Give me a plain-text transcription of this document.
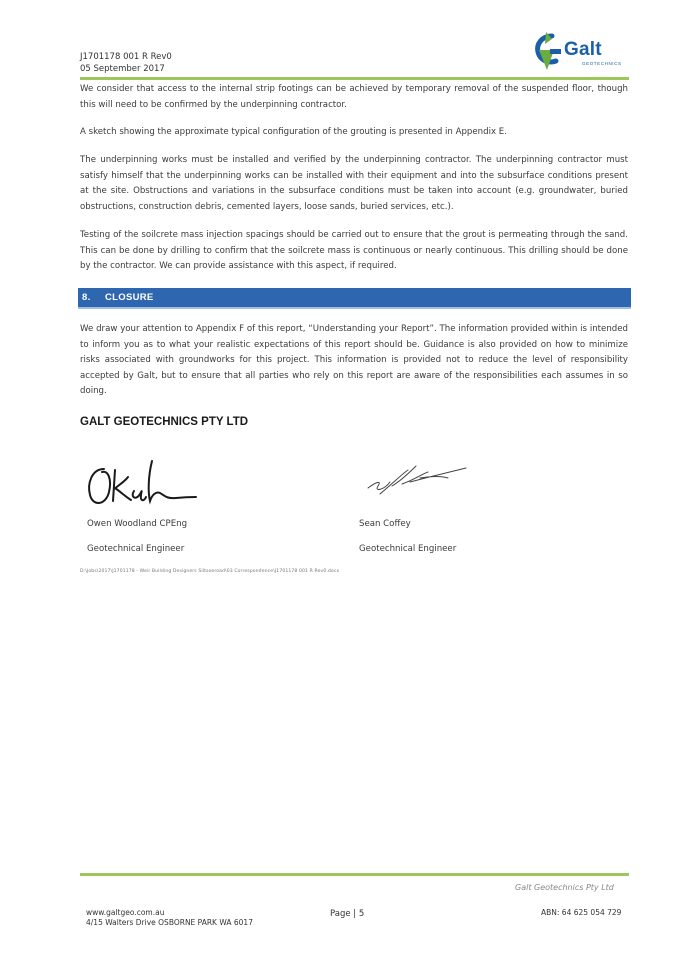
J1701178 001 R Rev0
05 September 2017
Galt
GEOTECHNICS
We consider that access to the internal strip footings can be achieved by temporary removal of the suspended floor, though this will need to be confirmed by the underpinning contractor.
A sketch showing the approximate typical configuration of the grouting is presented in Appendix E.
The underpinning works must be installed and verified by the underpinning contractor. The underpinning contractor must satisfy himself that the underpinning works can be installed with their equipment and into the subsurface conditions present at the site. Obstructions and variations in the subsurface conditions must be taken into account (e.g. groundwater, buried obstructions, construction debris, cemented layers, loose sands, buried services, etc.).
Testing of the soilcrete mass injection spacings should be carried out to ensure that the grout is permeating through the sand. This can be done by drilling to confirm that the soilcrete mass is continuous or nearly continuous. This drilling should be done by the contractor. We can provide assistance with this aspect, if required.
8. CLOSURE
We draw your attention to Appendix F of this report, “Understanding your Report”. The information provided within is intended to inform you as to what your realistic expectations of this report should be. Guidance is also provided on how to minimize risks associated with groundworks for this project. This information is provided not to reduce the level of responsibility accepted by Galt, but to ensure that all parties who rely on this report are aware of the responsibilities each assumes in so doing.
GALT GEOTECHNICS PTY LTD
Owen Woodland CPEng
Geotechnical Engineer
Sean Coffey
Geotechnical Engineer
D:\Jobs\2017\J1701178 - Weir Building Designers Siltsoeroad\03 Correspondence\J1701178 001 R Rev0.docx
Galt Geotechnics Pty Ltd
www.galtgeo.com.au
4/15 Walters Drive OSBORNE PARK WA 6017
Page | 5	ABN: 64 625 054 729
